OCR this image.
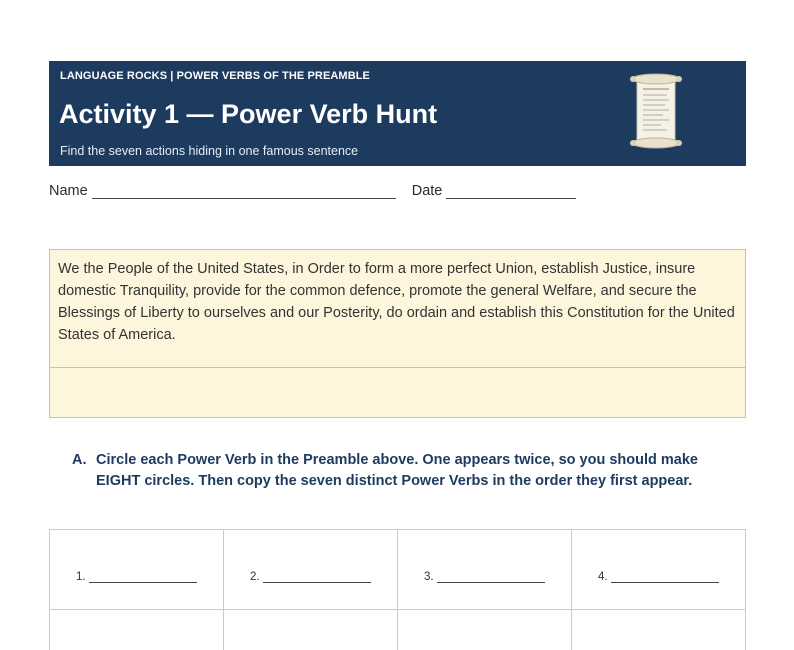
LANGUAGE ROCKS | POWER VERBS OF THE PREAMBLE
Activity 1 — Power Verb Hunt
Find the seven actions hiding in one famous sentence
Name	Date
We the People of the United States, in Order to form a more perfect Union, establish Justice, insure domestic Tranquility, provide for the common defence, promote the general Welfare, and secure the Blessings of Liberty to ourselves and our Posterity, do ordain and establish this Constitution for the United States of America.
A. Circle each Power Verb in the Preamble above. One appears twice, so you should make EIGHT circles. Then copy the seven distinct Power Verbs in the order they first appear.
1.	2.	3.	4.
